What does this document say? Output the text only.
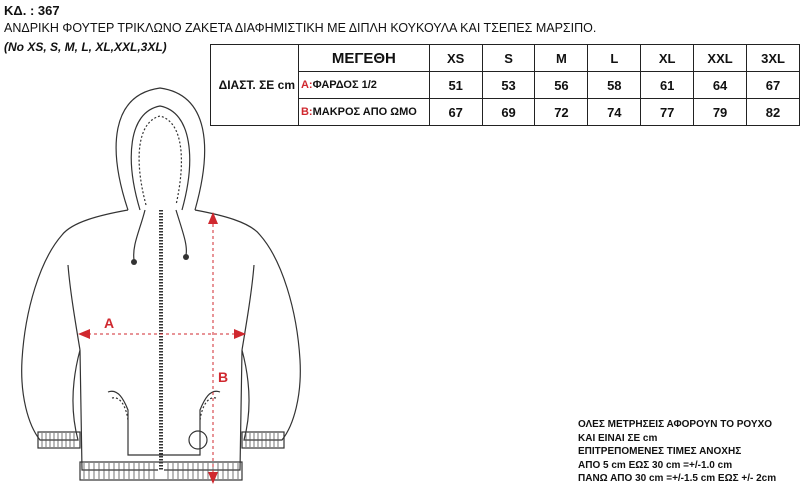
ΚΔ. : 367
ΑΝΔΡΙΚΗ ΦΟΥΤΕΡ ΤΡΙΚΛΩΝΟ ΖΑΚΕΤΑ ΔΙΑΦΗΜΙΣΤΙΚΗ ΜΕ ΔΙΠΛΗ ΚΟΥΚΟΥΛΑ ΚΑΙ ΤΣΕΠΕΣ ΜΑΡΣΙΠΟ.
(No XS, S, M, L, XL,XXL,3XL)
ΔΙΑΣΤ. ΣΕ cm	ΜΕΓΕΘΗ	XS	S	M	L	XL	XXL	3XL
	A:ΦΑΡΔΟΣ 1/2	51	53	56	58	61	64	67
	B:ΜΑΚΡΟΣ ΑΠΟ ΩΜΟ	67	69	72	74	77	79	82
A
B
ΟΛΕΣ ΜΕΤΡΗΣΕΙΣ ΑΦΟΡΟΥΝ ΤΟ ΡΟΥΧΟ
ΚΑΙ ΕΙΝΑΙ ΣΕ cm
ΕΠΙΤΡΕΠΟΜΕΝΕΣ ΤΙΜΕΣ ΑΝΟΧΗΣ
ΑΠΟ 5 cm ΕΩΣ 30 cm =+/-1.0 cm
ΠΑΝΩ ΑΠΟ 30 cm =+/-1.5 cm ΕΩΣ +/- 2cm
